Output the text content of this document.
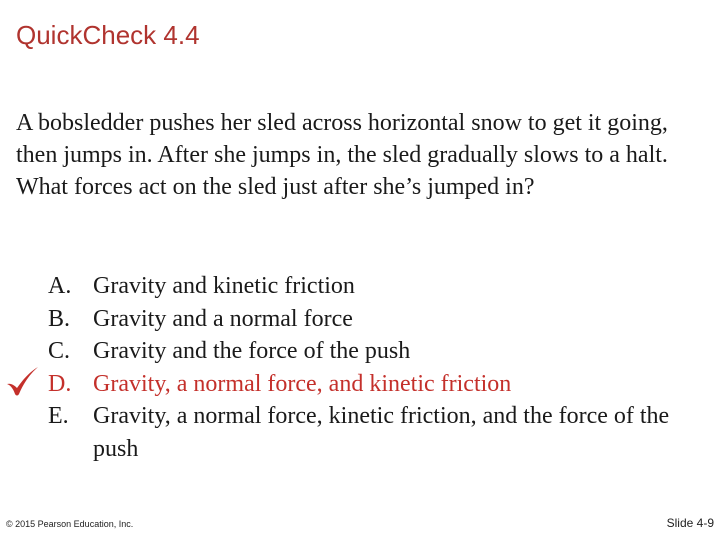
QuickCheck 4.4

A bobsledder pushes her sled across horizontal snow to get it going, then jumps in. After she jumps in, the sled gradually slows to a halt. What forces act on the sled just after she’s jumped in?

A. Gravity and kinetic friction
B. Gravity and a normal force
C. Gravity and the force of the push
D. Gravity, a normal force, and kinetic friction
E. Gravity, a normal force, kinetic friction, and the force of the push
© 2015 Pearson Education, Inc.	Slide 4-9
